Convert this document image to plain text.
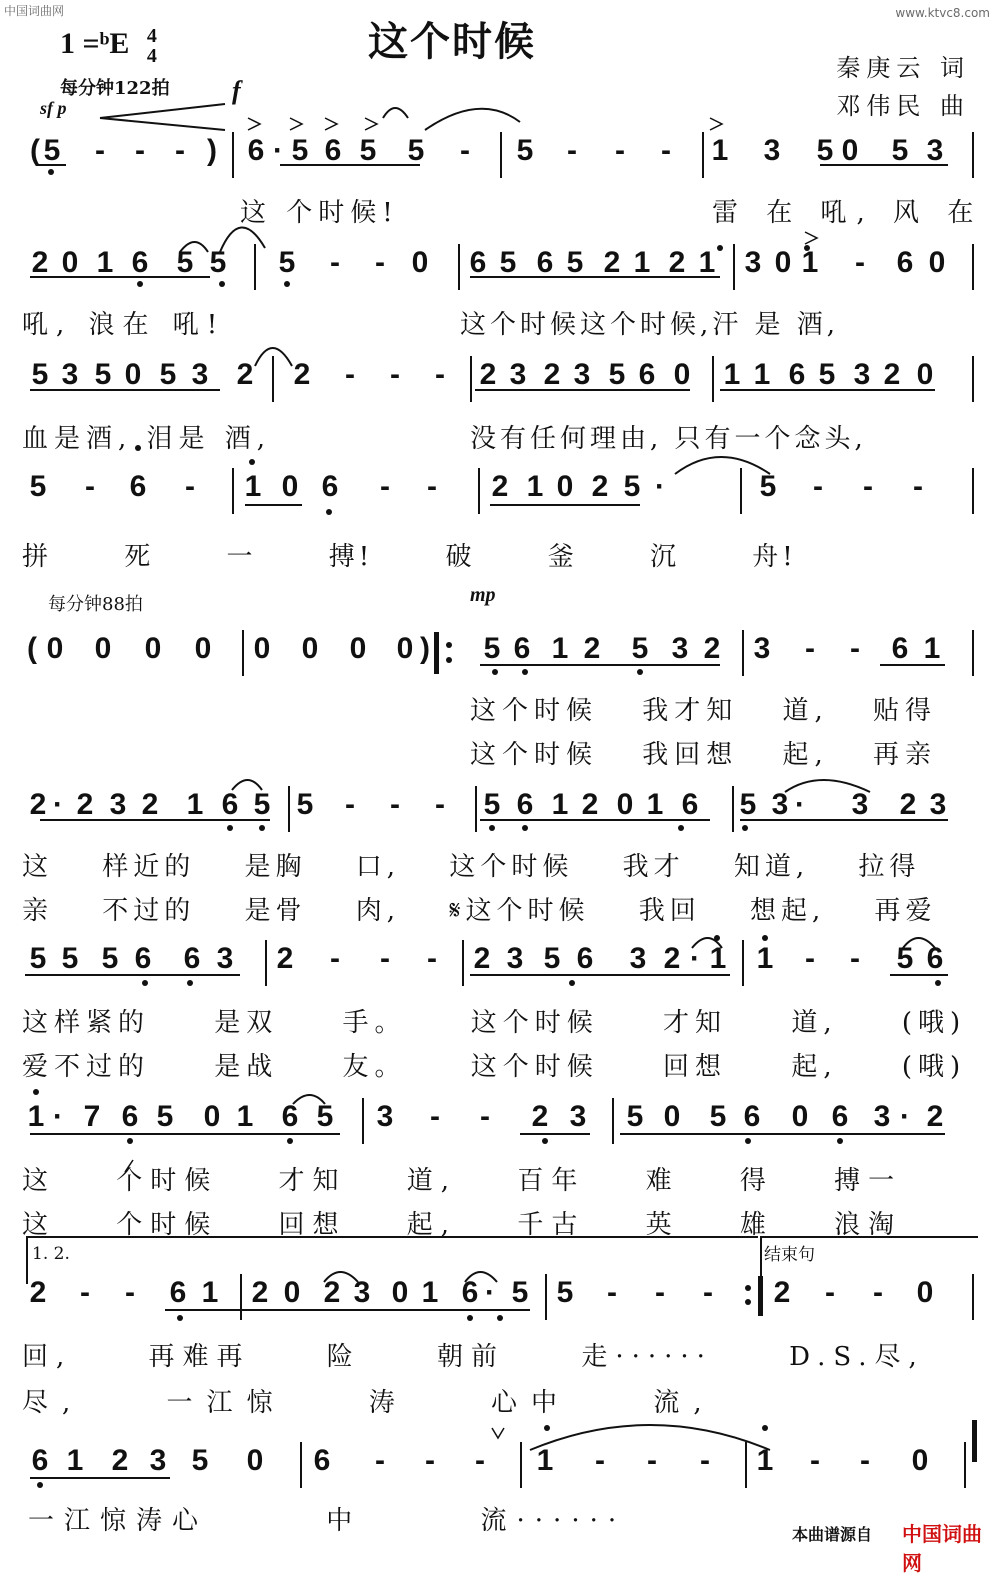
中国词曲网	www.ktvc8.com
1 =ᵇE 4
4	这个时候
秦庚云 词
邓伟民 曲
每分钟122拍
sf p
f
( 5 - - - ) 6 · 5 6 5 5 - 5 - - - 1 3 5 0 5 3
这 个时候!	雷 在 吼, 风 在
2 0 1 6 5 5 5 - - 0 6 5 6 5 2 1 2 1 3 0 1 - 6 0
吼, 浪在 吼!	这个时候这个时候,汗 是 酒,
5 3 5 0 5 3 2 2 - - - 2 3 2 3 5 6 0 1 1 6 5 3 2 0
血是酒, 泪是 酒,	没有任何理由, 只有一个念头,
5 - 6 - 1 0 6 - - 2 1 0 2 5 ·	5 - - -
拼 死 一 搏! 破 釜 沉 舟!
每分钟88拍	mp
( 0 0 0 0 0 0 0 0 ) 5 6 1 2 5 3 2 3 - - 6 1
这个时候 我才知 道, 贴得
这个时候 我回想 起, 再亲
2 · 2 3 2 1 6 5 5 - - - 5 6 1 2 0 1 6 5 3 · 3 2 3
这 样近的 是胸 口, 这个时候 我才 知道, 拉得
亲 不过的 是骨 肉, 𝄋这个时候 我回 想起, 再爱
5 5 5 6 6 3 2 - - - 2 3 5 6 3 2 · 1 1 - - 5 6
这样紧的 是双 手。 这个时候 才知 道, (哦)
爱不过的 是战 友。 这个时候 回想 起, (哦)
1 · 7 6 5 0 1 6 5 3 - - 2 3 5 0 5 6 0 6 3 · 2
这 个时候 才知 道, 百年 难 得 搏一
这 个时候 回想 起, 千古 英 雄 浪淘
1. 2.	结束句
2 - - 6 1 2 0 2 3 0 1 6 · 5 5 - - - 2 - - 0
回, 再难再 险 朝前 走······ D.S.尽,
尽, 一江惊 涛 心中 流,
6 1 2 3 5 0 6 - - - 1 - - - 1 - - 0
一江惊涛心 中 流······	本曲谱源自 中国词曲网
